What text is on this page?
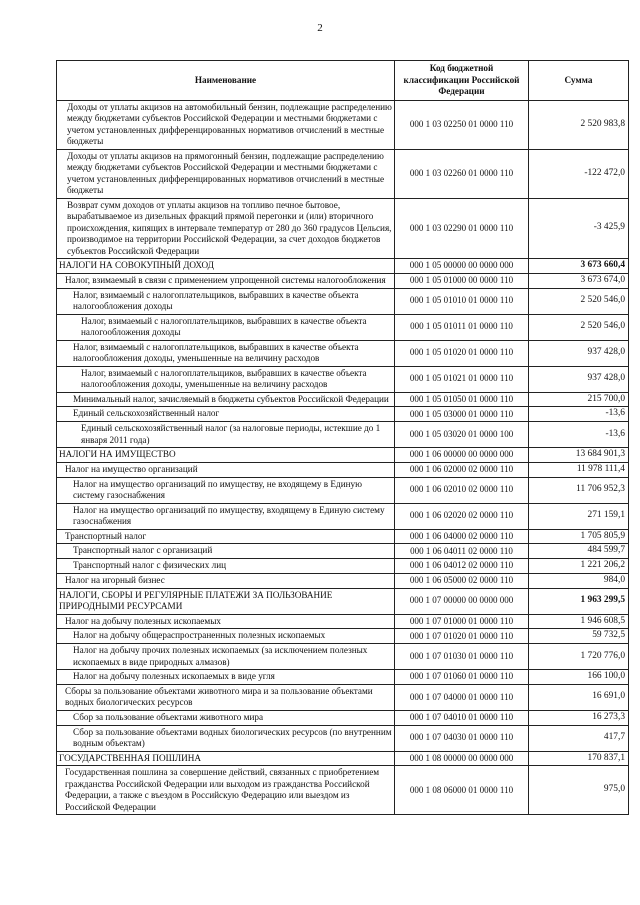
2
Наименование	Код бюджетной классификации Российской Федерации	Сумма
Доходы от уплаты акцизов на автомобильный бензин, подлежащие распределению между бюджетами субъектов Российской Федерации и местными бюджетами с учетом установленных дифференцированных нормативов отчислений в местные бюджеты	000 1 03 02250 01 0000 110	2 520 983,8
Доходы от уплаты акцизов на прямогонный бензин, подлежащие распределению между бюджетами субъектов Российской Федерации и местными бюджетами с учетом установленных дифференцированных нормативов отчислений в местные бюджеты	000 1 03 02260 01 0000 110	-122 472,0
Возврат сумм доходов от уплаты акцизов на топливо печное бытовое, вырабатываемое из дизельных фракций прямой перегонки и (или) вторичного происхождения, кипящих в интервале температур от 280 до 360 градусов Цельсия, производимое на территории Российской Федерации, за счет доходов бюджетов субъектов Российской Федерации	000 1 03 02290 01 0000 110	-3 425,9
НАЛОГИ НА СОВОКУПНЫЙ ДОХОД	000 1 05 00000 00 0000 000	3 673 660,4
Налог, взимаемый в связи с применением упрощенной системы налогообложения	000 1 05 01000 00 0000 110	3 673 674,0
Налог, взимаемый с налогоплательщиков, выбравших в качестве объекта налогообложения доходы	000 1 05 01010 01 0000 110	2 520 546,0
Налог, взимаемый с налогоплательщиков, выбравших в качестве объекта налогообложения доходы	000 1 05 01011 01 0000 110	2 520 546,0
Налог, взимаемый с налогоплательщиков, выбравших в качестве объекта налогообложения доходы, уменьшенные на величину расходов	000 1 05 01020 01 0000 110	937 428,0
Налог, взимаемый с налогоплательщиков, выбравших в качестве объекта налогообложения доходы, уменьшенные на величину расходов	000 1 05 01021 01 0000 110	937 428,0
Минимальный налог, зачисляемый в бюджеты субъектов Российской Федерации	000 1 05 01050 01 0000 110	215 700,0
Единый сельскохозяйственный налог	000 1 05 03000 01 0000 110	-13,6
Единый сельскохозяйственный налог (за налоговые периоды, истекшие до 1 января 2011 года)	000 1 05 03020 01 0000 100	-13,6
НАЛОГИ НА ИМУЩЕСТВО	000 1 06 00000 00 0000 000	13 684 901,3
Налог на имущество организаций	000 1 06 02000 02 0000 110	11 978 111,4
Налог на имущество организаций по имуществу, не входящему в Единую систему газоснабжения	000 1 06 02010 02 0000 110	11 706 952,3
Налог на имущество организаций по имуществу, входящему в Единую систему газоснабжения	000 1 06 02020 02 0000 110	271 159,1
Транспортный налог	000 1 06 04000 02 0000 110	1 705 805,9
Транспортный налог с организаций	000 1 06 04011 02 0000 110	484 599,7
Транспортный налог с физических лиц	000 1 06 04012 02 0000 110	1 221 206,2
Налог на игорный бизнес	000 1 06 05000 02 0000 110	984,0
НАЛОГИ, СБОРЫ И РЕГУЛЯРНЫЕ ПЛАТЕЖИ ЗА ПОЛЬЗОВАНИЕ ПРИРОДНЫМИ РЕСУРСАМИ	000 1 07 00000 00 0000 000	1 963 299,5
Налог на добычу полезных ископаемых	000 1 07 01000 01 0000 110	1 946 608,5
Налог на добычу общераспространенных полезных ископаемых	000 1 07 01020 01 0000 110	59 732,5
Налог на добычу прочих полезных ископаемых (за исключением полезных ископаемых в виде природных алмазов)	000 1 07 01030 01 0000 110	1 720 776,0
Налог на добычу полезных ископаемых в виде угля	000 1 07 01060 01 0000 110	166 100,0
Сборы за пользование объектами животного мира и за пользование объектами водных биологических ресурсов	000 1 07 04000 01 0000 110	16 691,0
Сбор за пользование объектами животного мира	000 1 07 04010 01 0000 110	16 273,3
Сбор за пользование объектами водных биологических ресурсов (по внутренним водным объектам)	000 1 07 04030 01 0000 110	417,7
ГОСУДАРСТВЕННАЯ ПОШЛИНА	000 1 08 00000 00 0000 000	170 837,1
Государственная пошлина за совершение действий, связанных с приобретением гражданства Российской Федерации или выходом из гражданства Российской Федерации, а также с въездом в Российскую Федерацию или выездом из Российской Федерации	000 1 08 06000 01 0000 110	975,0
